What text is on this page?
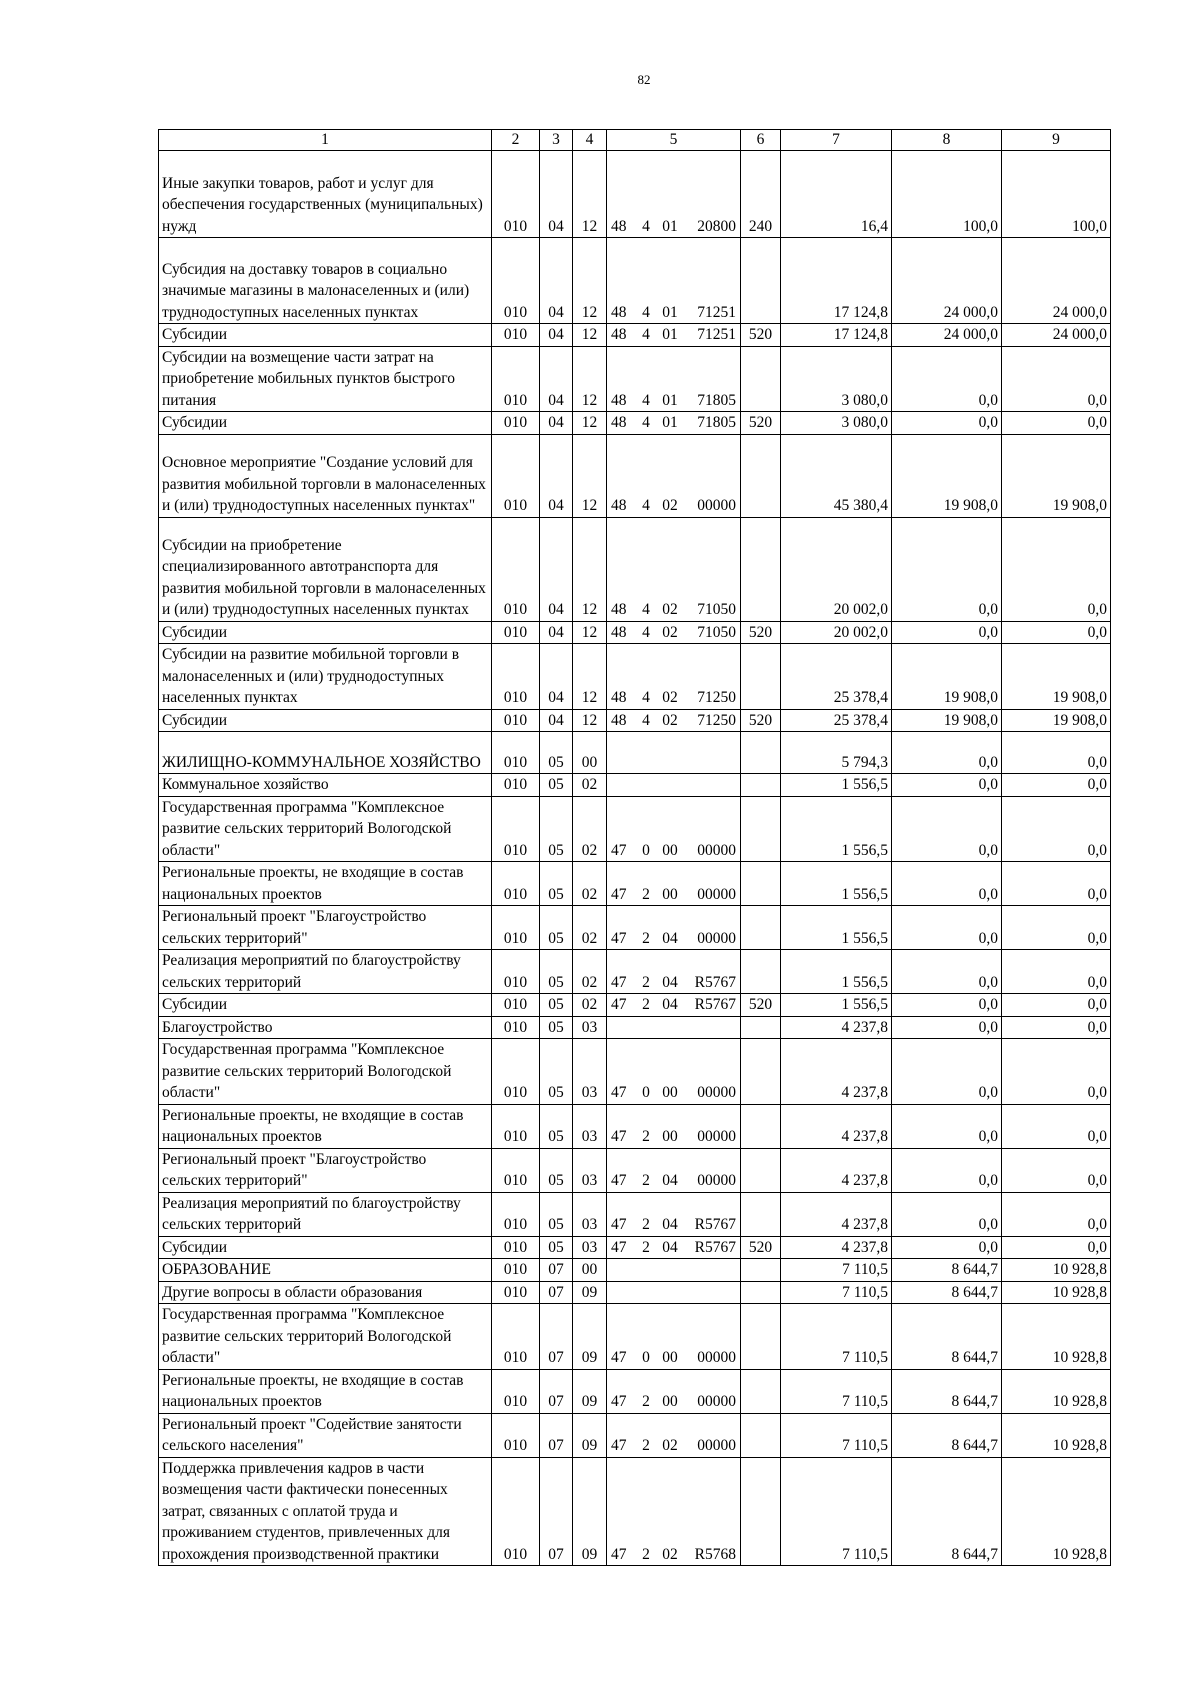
82
1	2	3	4	5	6	7	8	9
Иные закупки товаров, работ и услуг для обеспечения государственных (муниципальных) нужд	010	04	12	48 4 01 20800	240	16,4	100,0	100,0
Субсидия на доставку товаров в социально значимые магазины в малонаселенных и (или) труднодоступных населенных пунктах	010	04	12	48 4 01 71251		17 124,8	24 000,0	24 000,0
Субсидии	010	04	12	48 4 01 71251	520	17 124,8	24 000,0	24 000,0
Субсидии на возмещение части затрат на приобретение мобильных пунктов быстрого питания	010	04	12	48 4 01 71805		3 080,0	0,0	0,0
Субсидии	010	04	12	48 4 01 71805	520	3 080,0	0,0	0,0
Основное мероприятие "Создание условий для развития мобильной торговли в малонаселенных и (или) труднодоступных населенных пунктах"	010	04	12	48 4 02 00000		45 380,4	19 908,0	19 908,0
Субсидии на приобретение специализированного автотранспорта для развития мобильной торговли в малонаселенных и (или) труднодоступных населенных пунктах	010	04	12	48 4 02 71050		20 002,0	0,0	0,0
Субсидии	010	04	12	48 4 02 71050	520	20 002,0	0,0	0,0
Субсидии на развитие мобильной торговли в малонаселенных и (или) труднодоступных населенных пунктах	010	04	12	48 4 02 71250		25 378,4	19 908,0	19 908,0
Субсидии	010	04	12	48 4 02 71250	520	25 378,4	19 908,0	19 908,0
ЖИЛИЩНО-КОММУНАЛЬНОЕ ХОЗЯЙСТВО	010	05	00			5 794,3	0,0	0,0
Коммунальное хозяйство	010	05	02			1 556,5	0,0	0,0
Государственная программа "Комплексное развитие сельских территорий Вологодской области"	010	05	02	47 0 00 00000		1 556,5	0,0	0,0
Региональные проекты, не входящие в состав национальных проектов	010	05	02	47 2 00 00000		1 556,5	0,0	0,0
Региональный проект "Благоустройство сельских территорий"	010	05	02	47 2 04 00000		1 556,5	0,0	0,0
Реализация мероприятий по благоустройству сельских территорий	010	05	02	47 2 04 R5767		1 556,5	0,0	0,0
Субсидии	010	05	02	47 2 04 R5767	520	1 556,5	0,0	0,0
Благоустройство	010	05	03			4 237,8	0,0	0,0
Государственная программа "Комплексное развитие сельских территорий Вологодской области"	010	05	03	47 0 00 00000		4 237,8	0,0	0,0
Региональные проекты, не входящие в состав национальных проектов	010	05	03	47 2 00 00000		4 237,8	0,0	0,0
Региональный проект "Благоустройство сельских территорий"	010	05	03	47 2 04 00000		4 237,8	0,0	0,0
Реализация мероприятий по благоустройству сельских территорий	010	05	03	47 2 04 R5767		4 237,8	0,0	0,0
Субсидии	010	05	03	47 2 04 R5767	520	4 237,8	0,0	0,0
ОБРАЗОВАНИЕ	010	07	00			7 110,5	8 644,7	10 928,8
Другие вопросы в области образования	010	07	09			7 110,5	8 644,7	10 928,8
Государственная программа "Комплексное развитие сельских территорий Вологодской области"	010	07	09	47 0 00 00000		7 110,5	8 644,7	10 928,8
Региональные проекты, не входящие в состав национальных проектов	010	07	09	47 2 00 00000		7 110,5	8 644,7	10 928,8
Региональный проект "Содействие занятости сельского населения"	010	07	09	47 2 02 00000		7 110,5	8 644,7	10 928,8
Поддержка привлечения кадров в части возмещения части фактически понесенных затрат, связанных с оплатой труда и проживанием студентов, привлеченных для прохождения производственной практики	010	07	09	47 2 02 R5768		7 110,5	8 644,7	10 928,8
